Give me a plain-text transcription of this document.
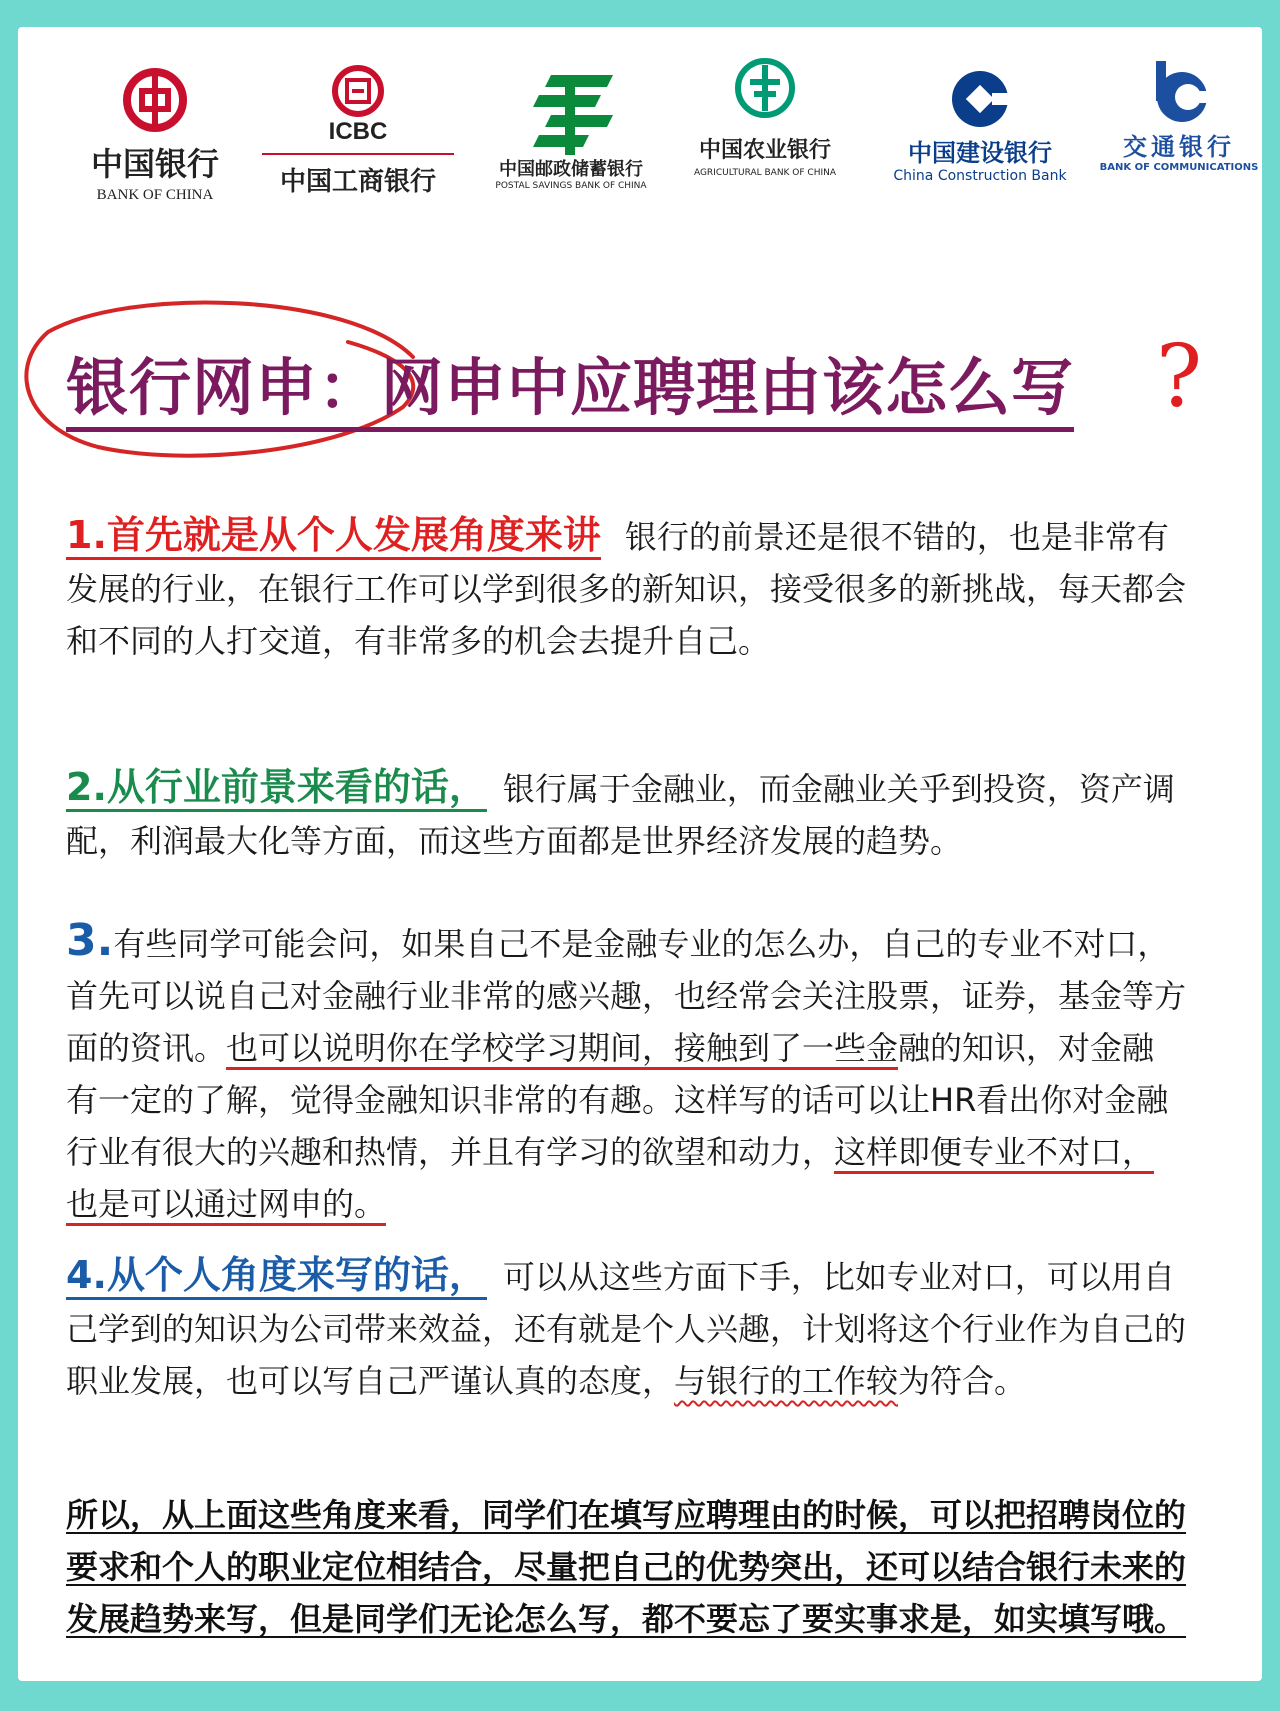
中国银行
BANK OF CHINA
ICBC
中国工商银行	中国邮政储蓄银行
POSTAL SAVINGS BANK OF CHINA
中国农业银行
AGRICULTURAL BANK OF CHINA
中国建设银行
China Construction Bank
交通银行
BANK OF COMMUNICATIONS
银行网申：网申中应聘理由该怎么写 ?
1.首先就是从个人发展角度来讲 银行的前景还是很不错的，也是非常有发展的行业，在银行工作可以学到很多的新知识，接受很多的新挑战，每天都会和不同的人打交道，有非常多的机会去提升自己。
2.从行业前景来看的话， 银行属于金融业，而金融业关乎到投资，资产调配，利润最大化等方面，而这些方面都是世界经济发展的趋势。
3.有些同学可能会问，如果自己不是金融专业的怎么办，自己的专业不对口，首先可以说自己对金融行业非常的感兴趣，也经常会关注股票，证券，基金等方面的资讯。也可以说明你在学校学习期间，接触到了一些金融的知识，对金融有一定的了解，觉得金融知识非常的有趣。这样写的话可以让HR看出你对金融行业有很大的兴趣和热情，并且有学习的欲望和动力，这样即便专业不对口，也是可以通过网申的。
4.从个人角度来写的话， 可以从这些方面下手，比如专业对口，可以用自己学到的知识为公司带来效益，还有就是个人兴趣，计划将这个行业作为自己的职业发展，也可以写自己严谨认真的态度，与银行的工作较为符合。
所以，从上面这些角度来看，同学们在填写应聘理由的时候，可以把招聘岗位的要求和个人的职业定位相结合，尽量把自己的优势突出，还可以结合银行未来的发展趋势来写，但是同学们无论怎么写，都不要忘了要实事求是，如实填写哦。
